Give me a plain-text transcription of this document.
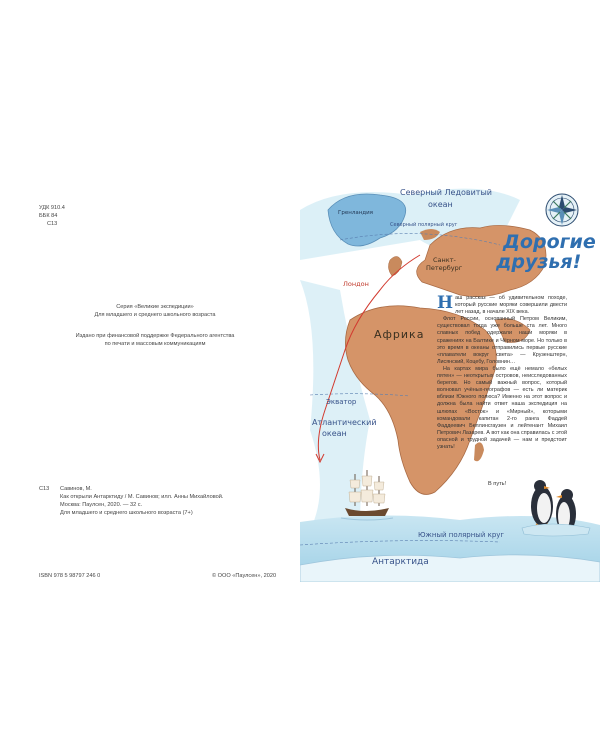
УДК 910.4
ББК 84
С13
Серия «Великие экспедиции»
Для младшего и среднего школьного возраста
Издано при финансовой поддержке Федерального агентства
по печати и массовым коммуникациям
С13 Савинов, М.
Как открыли Антарктиду / М. Савинов; илл. Анны Михайловой.
Москва: Паулсен, 2020. — 32 с.
Для младшего и среднего школьного возраста (7+)
ISBN 978 5 98797 246 0	© ООО «Паулсен», 2020
Северный Ледовитый
океан
Гренландия
Северный полярный круг
Санкт-
Петербург
Лондон
Африка
Экватор
Атлантический
океан
Южный полярный круг
Антарктида
Дорогие
друзья!

Наш рассказ — об удивительном походе, который русские моряки совершили двести лет назад, в начале XIX века.

Флот России, основанный Петром Великим, существовал тогда уже больше ста лет. Много славных побед одержали наши моряки в сражениях на Балтике и Чёрном море. Но только в это время в океаны отправились первые русские «плаватели вокруг света» — Крузенштерн, Лисянский, Коцебу, Головнин…

На картах мира было ещё немало «белых пятен» — неоткрытых островов, неисследованных берегов. Но самый важный вопрос, который волновал учёных-географов — есть ли материк вблизи Южного полюса? Именно на этот вопрос и должна была найти ответ наша экспедиция на шлюпах «Восток» и «Мирный», которыми командовали капитан 2-го ранга Фаддей Фаддеевич Беллинсгаузен и лейтенант Михаил Петрович Лазарев. А вот как она справилась с этой опасной и трудной задачей — нам и предстоит узнать!

В путь!
